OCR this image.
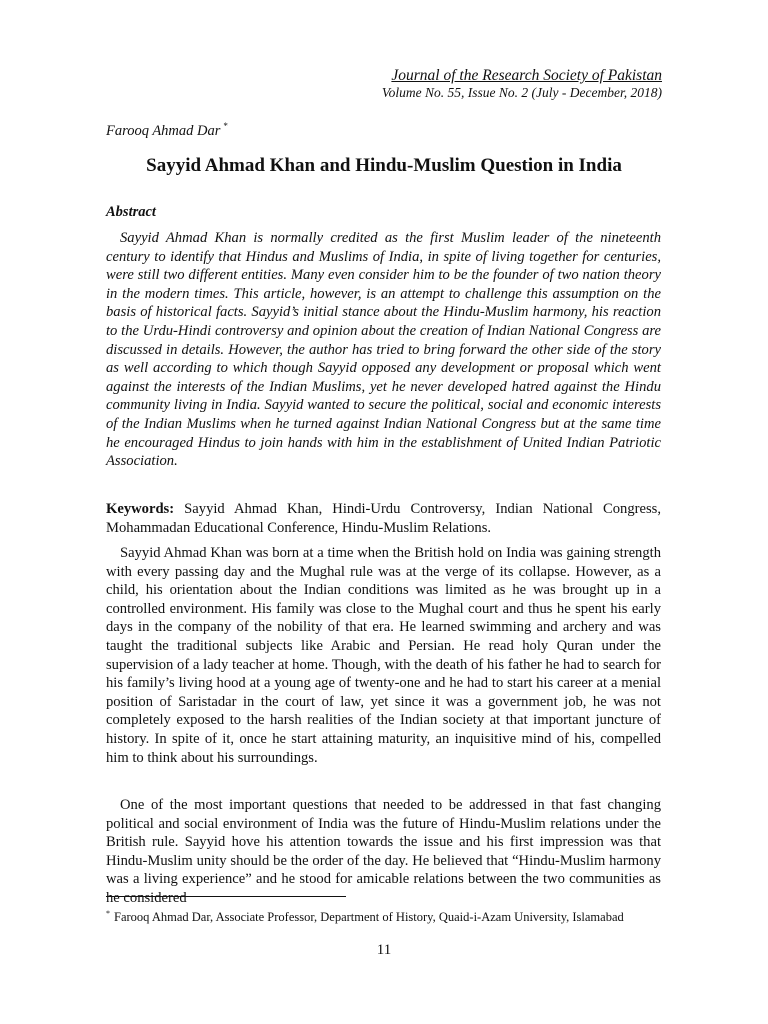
Journal of the Research Society of Pakistan
Volume No. 55, Issue No. 2 (July - December, 2018)
Farooq Ahmad Dar *
Sayyid Ahmad Khan and Hindu-Muslim Question in India
Abstract
Sayyid Ahmad Khan is normally credited as the first Muslim leader of the nineteenth century to identify that Hindus and Muslims of India, in spite of living together for centuries, were still two different entities. Many even consider him to be the founder of two nation theory in the modern times. This article, however, is an attempt to challenge this assumption on the basis of historical facts. Sayyid’s initial stance about the Hindu-Muslim harmony, his reaction to the Urdu-Hindi controversy and opinion about the creation of Indian National Congress are discussed in details. However, the author has tried to bring forward the other side of the story as well according to which though Sayyid opposed any development or proposal which went against the interests of the Indian Muslims, yet he never developed hatred against the Hindu community living in India. Sayyid wanted to secure the political, social and economic interests of the Indian Muslims when he turned against Indian National Congress but at the same time he encouraged Hindus to join hands with him in the establishment of United Indian Patriotic Association.
Keywords: Sayyid Ahmad Khan, Hindi-Urdu Controversy, Indian National Congress, Mohammadan Educational Conference, Hindu-Muslim Relations.
Sayyid Ahmad Khan was born at a time when the British hold on India was gaining strength with every passing day and the Mughal rule was at the verge of its collapse. However, as a child, his orientation about the Indian conditions was limited as he was brought up in a controlled environment. His family was close to the Mughal court and thus he spent his early days in the company of the nobility of that era. He learned swimming and archery and was taught the traditional subjects like Arabic and Persian. He read holy Quran under the supervision of a lady teacher at home. Though, with the death of his father he had to search for his family’s living hood at a young age of twenty-one and he had to start his career at a menial position of Saristadar in the court of law, yet since it was a government job, he was not completely exposed to the harsh realities of the Indian society at that important juncture of history. In spite of it, once he start attaining maturity, an inquisitive mind of his, compelled him to think about his surroundings.
One of the most important questions that needed to be addressed in that fast changing political and social environment of India was the future of Hindu-Muslim relations under the British rule. Sayyid hove his attention towards the issue and his first impression was that Hindu-Muslim unity should be the order of the day. He believed that “Hindu-Muslim harmony was a living experience” and he stood for amicable relations between the two communities as he considered
* Farooq Ahmad Dar, Associate Professor, Department of History, Quaid-i-Azam University, Islamabad
11
